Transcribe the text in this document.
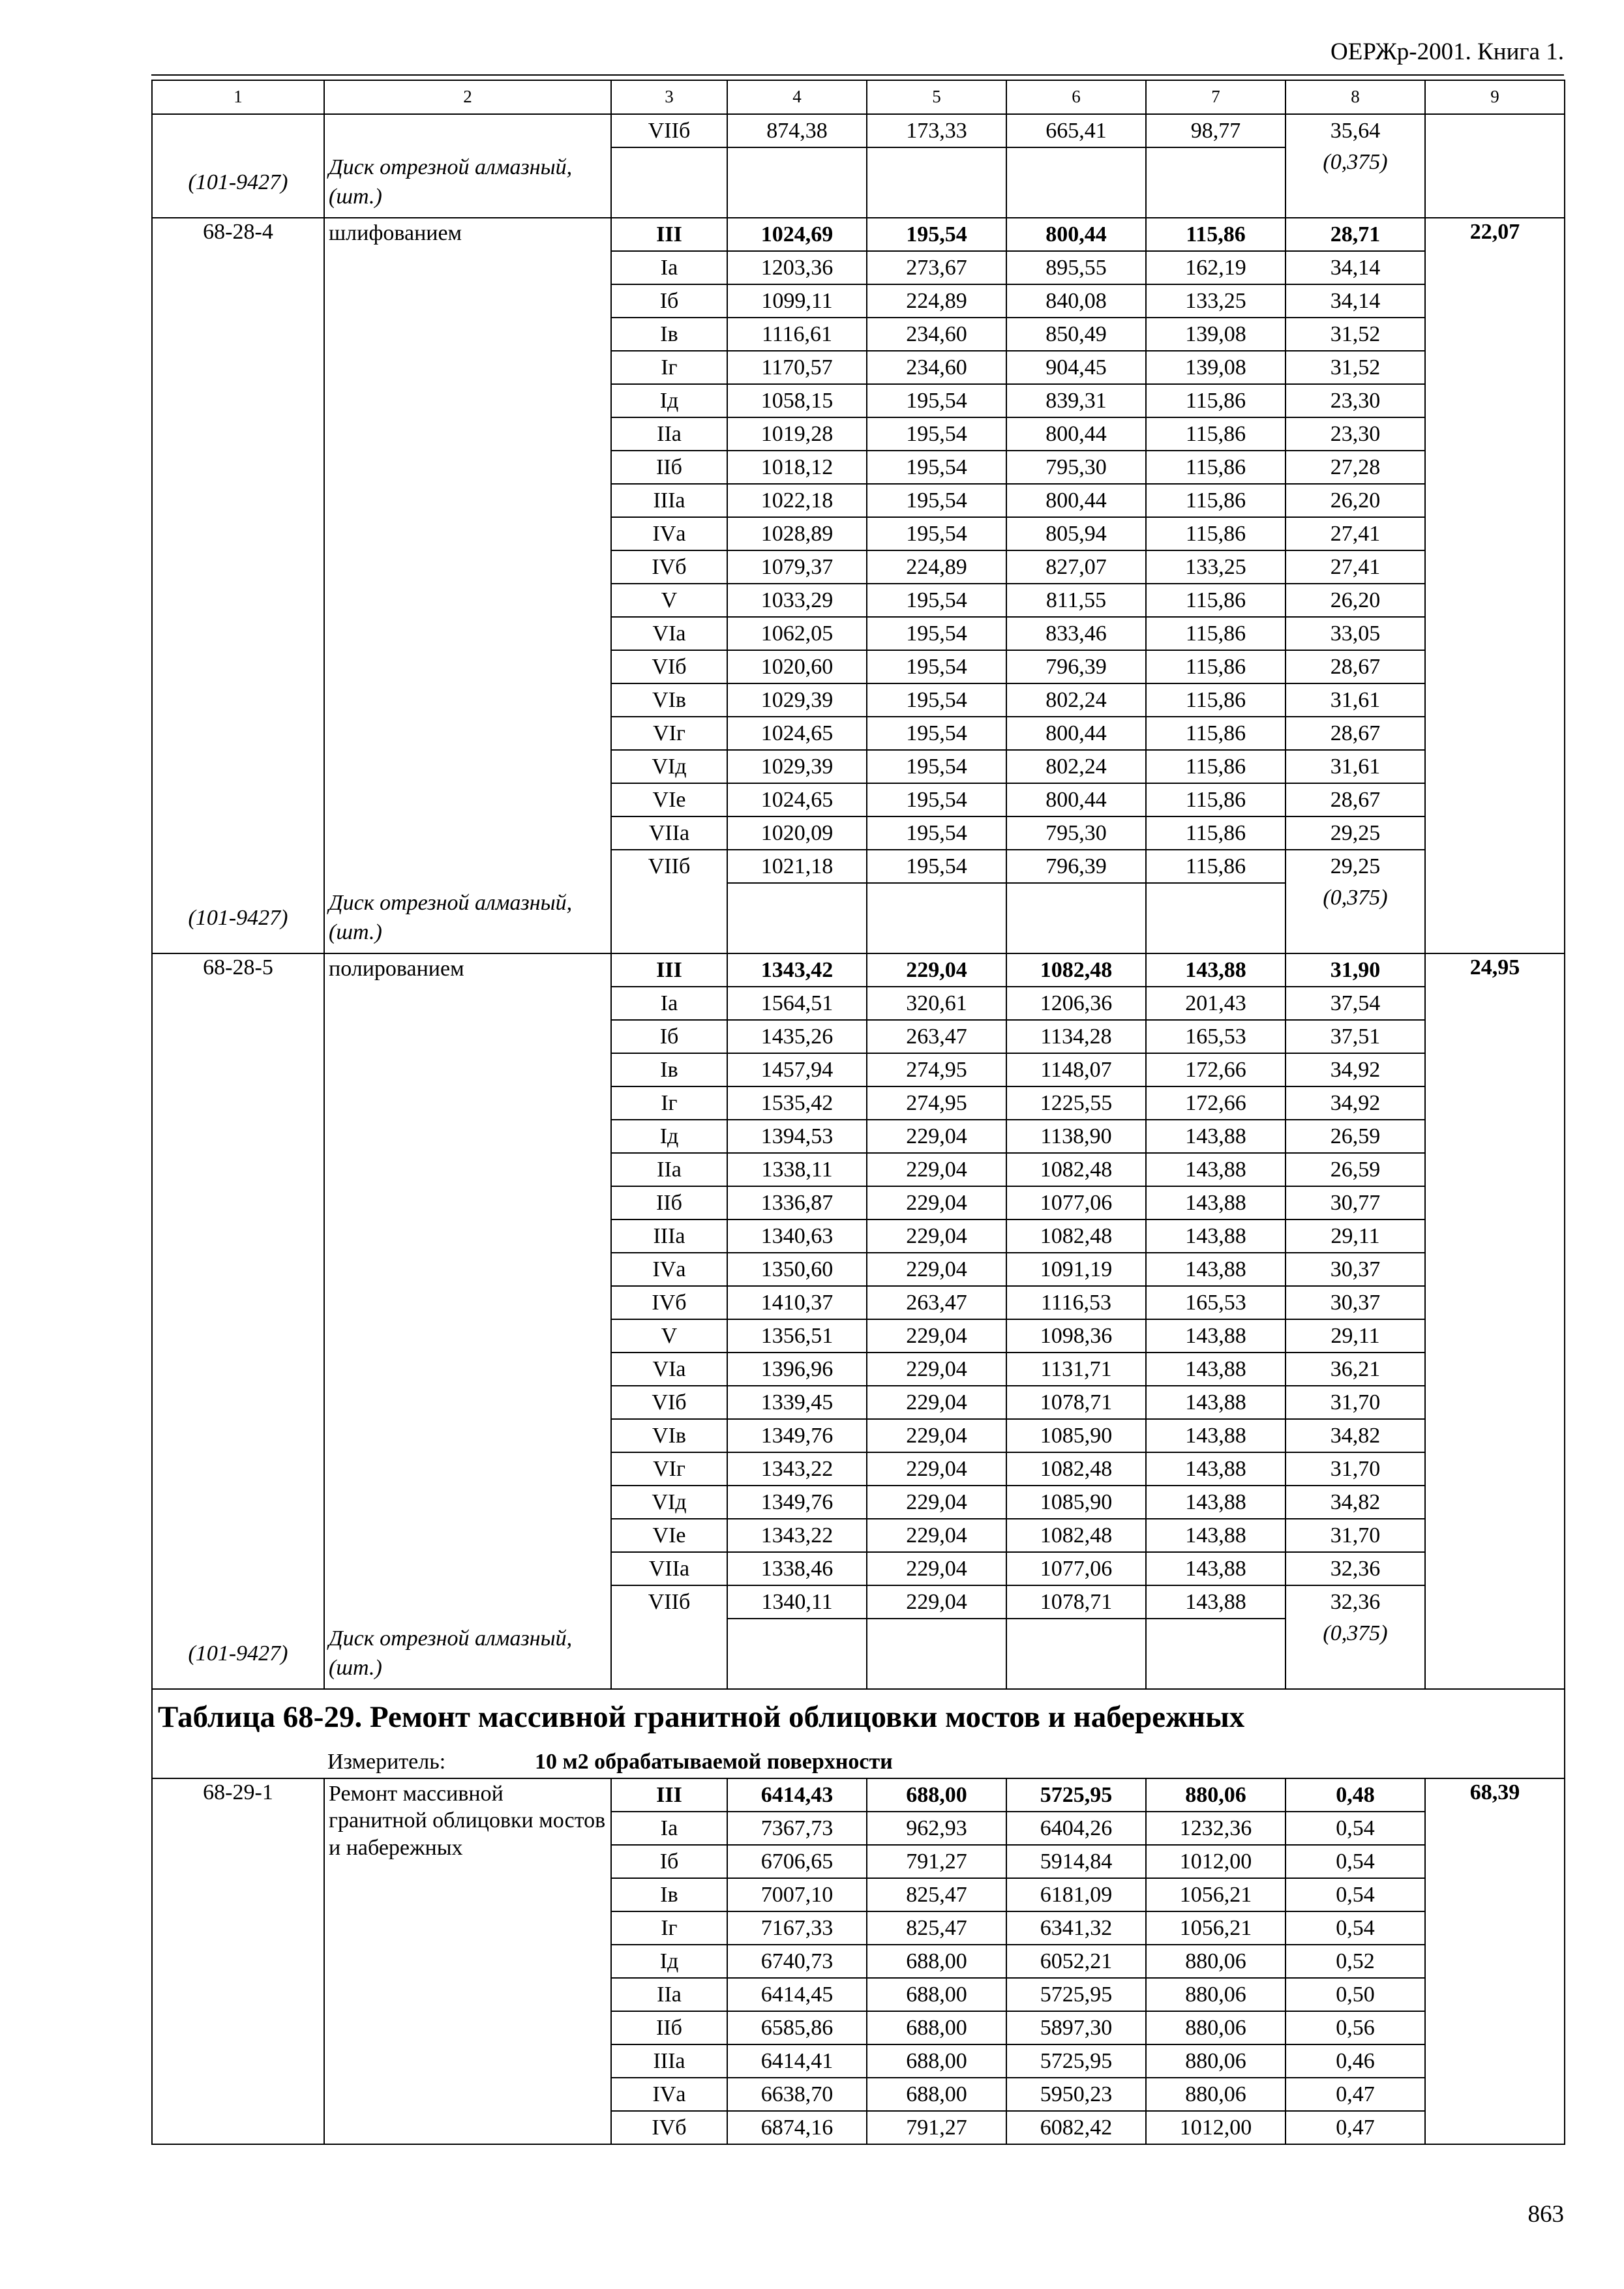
ОЕРЖр-2001. Книга 1.
1	2	3	4	5	6	7	8	9
		VIIб	874,38	173,33	665,41	98,77	35,64	
(101-9427)	Диск отрезной алмазный, (шт.)						(0,375)	
68-28-4	шлифованием	III	1024,69	195,54	800,44	115,86	28,71	22,07
		Iа	1203,36	273,67	895,55	162,19	34,14	
		Iб	1099,11	224,89	840,08	133,25	34,14	
		Iв	1116,61	234,60	850,49	139,08	31,52	
		Iг	1170,57	234,60	904,45	139,08	31,52	
		Iд	1058,15	195,54	839,31	115,86	23,30	
		IIа	1019,28	195,54	800,44	115,86	23,30	
		IIб	1018,12	195,54	795,30	115,86	27,28	
		IIIа	1022,18	195,54	800,44	115,86	26,20	
		IVа	1028,89	195,54	805,94	115,86	27,41	
		IVб	1079,37	224,89	827,07	133,25	27,41	
		V	1033,29	195,54	811,55	115,86	26,20	
		VIа	1062,05	195,54	833,46	115,86	33,05	
		VIб	1020,60	195,54	796,39	115,86	28,67	
		VIв	1029,39	195,54	802,24	115,86	31,61	
		VIг	1024,65	195,54	800,44	115,86	28,67	
		VIд	1029,39	195,54	802,24	115,86	31,61	
		VIе	1024,65	195,54	800,44	115,86	28,67	
		VIIа	1020,09	195,54	795,30	115,86	29,25	
		VIIб	1021,18	195,54	796,39	115,86	29,25	
(101-9427)	Диск отрезной алмазный, (шт.)						(0,375)	
68-28-5	полированием	III	1343,42	229,04	1082,48	143,88	31,90	24,95
		Iа	1564,51	320,61	1206,36	201,43	37,54	
		Iб	1435,26	263,47	1134,28	165,53	37,51	
		Iв	1457,94	274,95	1148,07	172,66	34,92	
		Iг	1535,42	274,95	1225,55	172,66	34,92	
		Iд	1394,53	229,04	1138,90	143,88	26,59	
		IIа	1338,11	229,04	1082,48	143,88	26,59	
		IIб	1336,87	229,04	1077,06	143,88	30,77	
		IIIа	1340,63	229,04	1082,48	143,88	29,11	
		IVа	1350,60	229,04	1091,19	143,88	30,37	
		IVб	1410,37	263,47	1116,53	165,53	30,37	
		V	1356,51	229,04	1098,36	143,88	29,11	
		VIа	1396,96	229,04	1131,71	143,88	36,21	
		VIб	1339,45	229,04	1078,71	143,88	31,70	
		VIв	1349,76	229,04	1085,90	143,88	34,82	
		VIг	1343,22	229,04	1082,48	143,88	31,70	
		VIд	1349,76	229,04	1085,90	143,88	34,82	
		VIе	1343,22	229,04	1082,48	143,88	31,70	
		VIIа	1338,46	229,04	1077,06	143,88	32,36	
		VIIб	1340,11	229,04	1078,71	143,88	32,36	
(101-9427)	Диск отрезной алмазный, (шт.)						(0,375)	
Таблица 68-29. Ремонт массивной гранитной облицовки мостов и набережных								
Измеритель: 10 м2 обрабатываемой поверхности								
68-29-1	Ремонт массивной гранитной облицовки мостов и набережных	III	6414,43	688,00	5725,95	880,06	0,48	68,39
		Iа	7367,73	962,93	6404,26	1232,36	0,54	
		Iб	6706,65	791,27	5914,84	1012,00	0,54	
		Iв	7007,10	825,47	6181,09	1056,21	0,54	
		Iг	7167,33	825,47	6341,32	1056,21	0,54	
		Iд	6740,73	688,00	6052,21	880,06	0,52	
		IIа	6414,45	688,00	5725,95	880,06	0,50	
		IIб	6585,86	688,00	5897,30	880,06	0,56	
		IIIа	6414,41	688,00	5725,95	880,06	0,46	
		IVа	6638,70	688,00	5950,23	880,06	0,47	
		IVб	6874,16	791,27	6082,42	1012,00	0,47	
863
